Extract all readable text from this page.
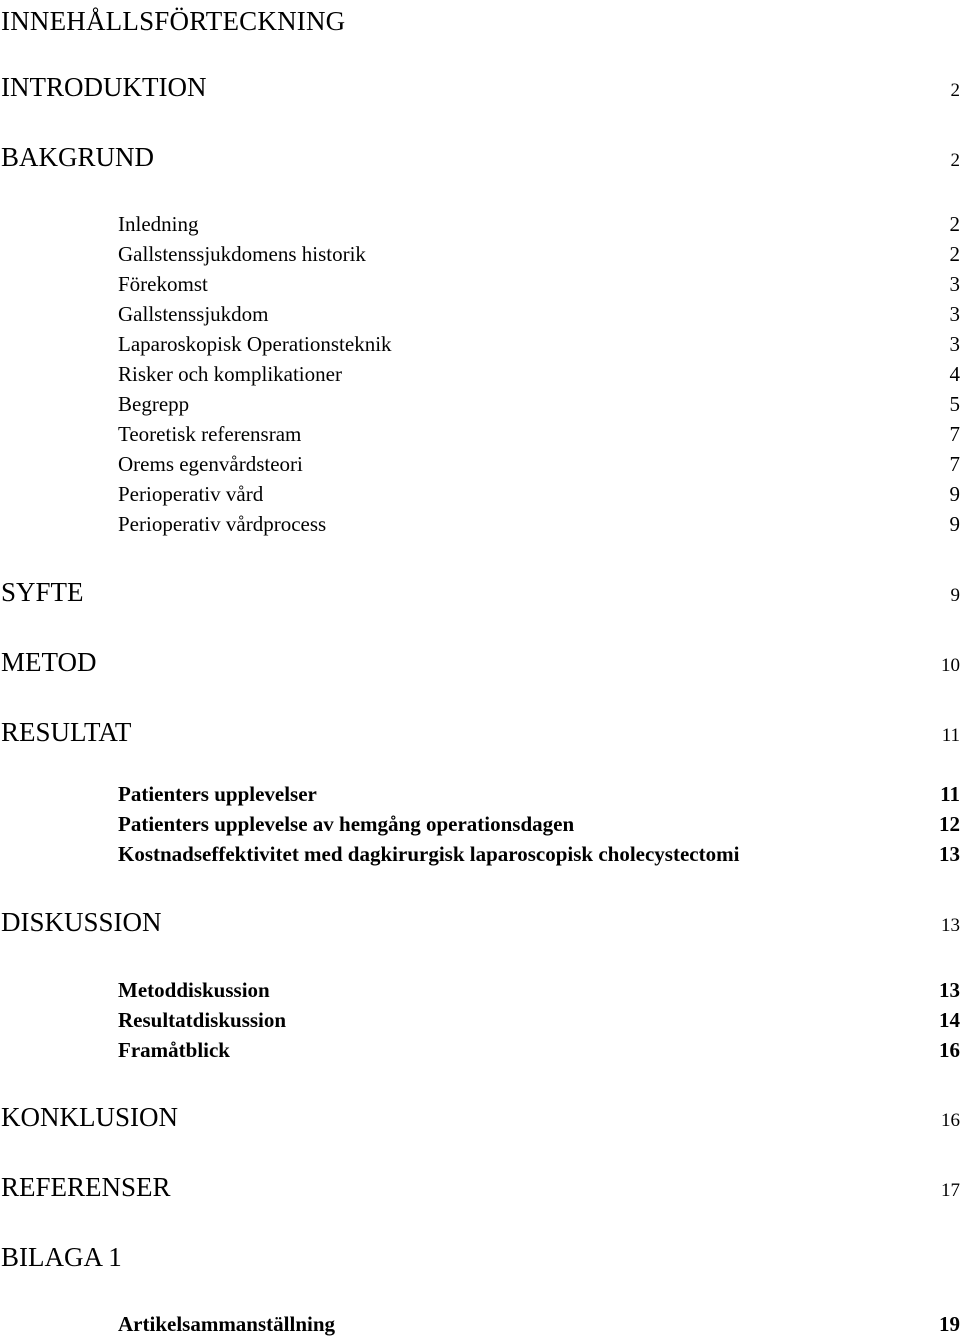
INNEHÅLLSFÖRTECKNING
INTRODUKTION	2
BAKGRUND	2
Inledning	2
Gallstenssjukdomens historik	2
Förekomst	3
Gallstenssjukdom	3
Laparoskopisk Operationsteknik	3
Risker och komplikationer	4
Begrepp	5
Teoretisk referensram	7
Orems egenvårdsteori	7
Perioperativ vård	9
Perioperativ vårdprocess	9
SYFTE	9
METOD	10
RESULTAT	11
Patienters upplevelser	11
Patienters upplevelse av hemgång operationsdagen	12
Kostnadseffektivitet med dagkirurgisk laparoscopisk cholecystectomi	13
DISKUSSION	13
Metoddiskussion	13
Resultatdiskussion	14
Framåtblick	16
KONKLUSION	16
REFERENSER	17
BILAGA 1
Artikelsammanställning	19
